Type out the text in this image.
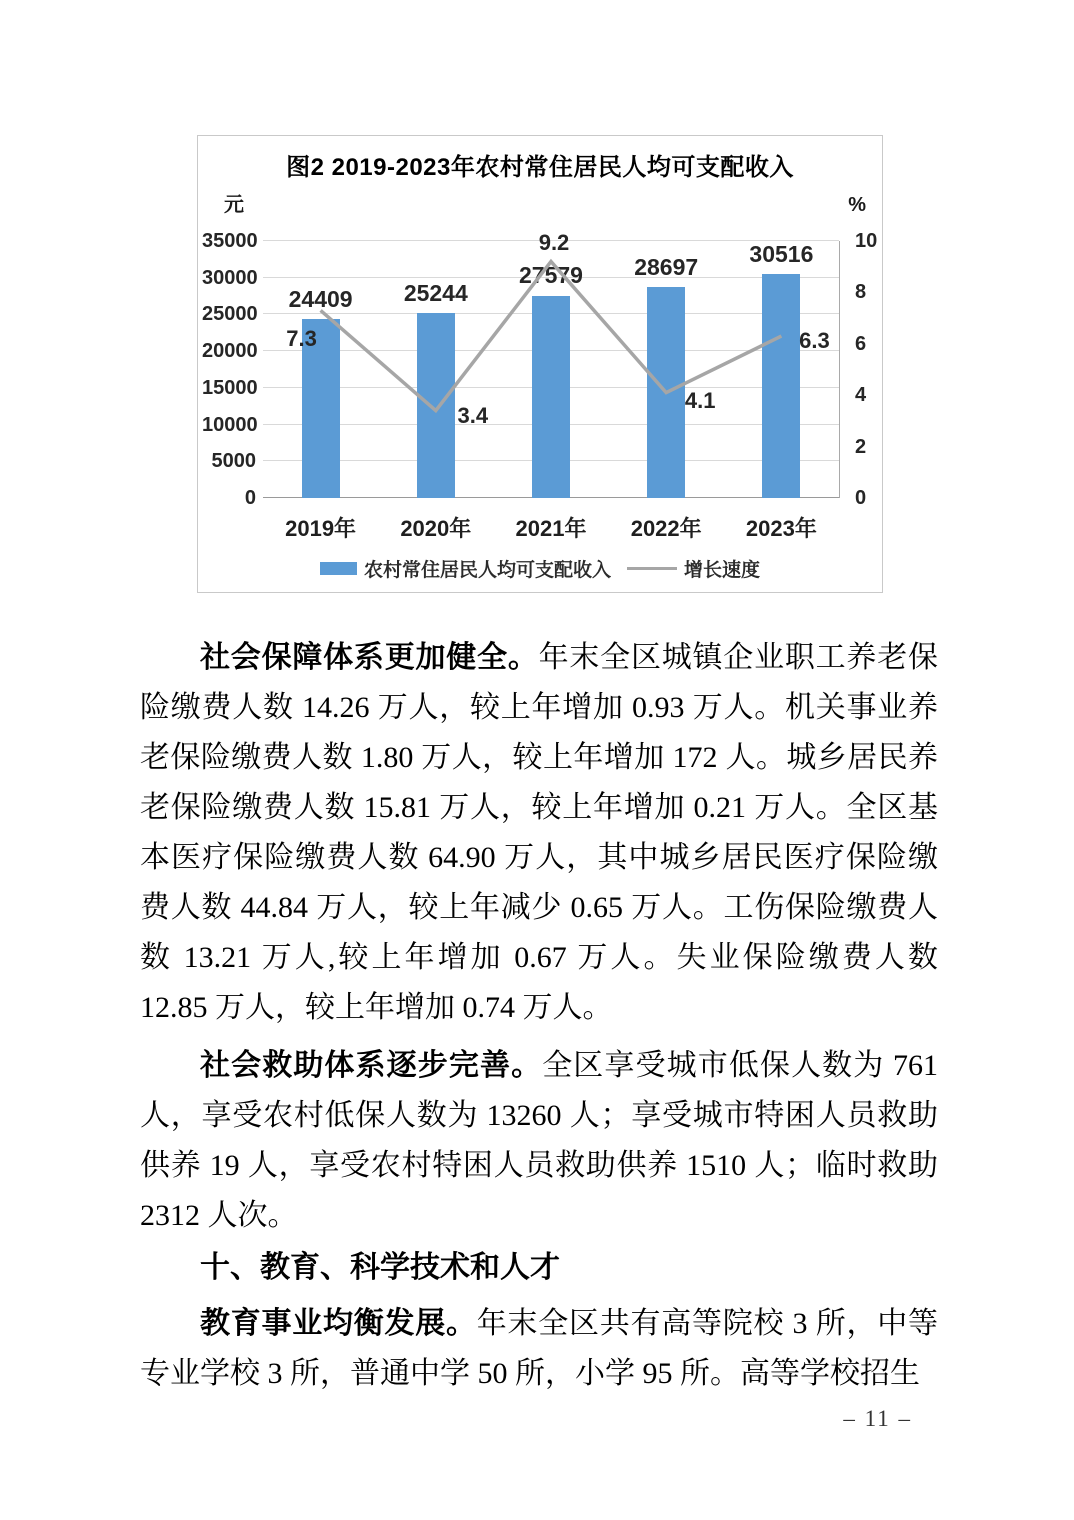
图2 2019-2023年农村常住居民人均可支配收入
元	%
24409	25244
27579	28697
30516
7.3
3.4
9.2
4.1
6.3
0
5000
10000
15000
20000
25000
30000
35000
0
2
4
6
8
10
2019年	2020年	2021年	2022年	2023年
农村常住居民人均可支配收入	增长速度
社会保障体系更加健全。年末全区城镇企业职工养老保险缴费人数 14.26 万人，较上年增加 0.93 万人。机关事业养老保险缴费人数 1.80 万人，较上年增加 172 人。城乡居民养老保险缴费人数 15.81 万人，较上年增加 0.21 万人。全区基本医疗保险缴费人数 64.90 万人，其中城乡居民医疗保险缴费人数 44.84 万人，较上年减少 0.65 万人。工伤保险缴费人数 13.21 万人,较上年增加 0.67 万人。失业保险缴费人数 12.85 万人，较上年增加 0.74 万人。
社会救助体系逐步完善。全区享受城市低保人数为 761 人，享受农村低保人数为 13260 人；享受城市特困人员救助供养 19 人，享受农村特困人员救助供养 1510 人；临时救助 2312 人次。
十、教育、科学技术和人才
教育事业均衡发展。年末全区共有高等院校 3 所，中等专业学校 3 所，普通中学 50 所，小学 95 所。高等学校招生
– 11 –
